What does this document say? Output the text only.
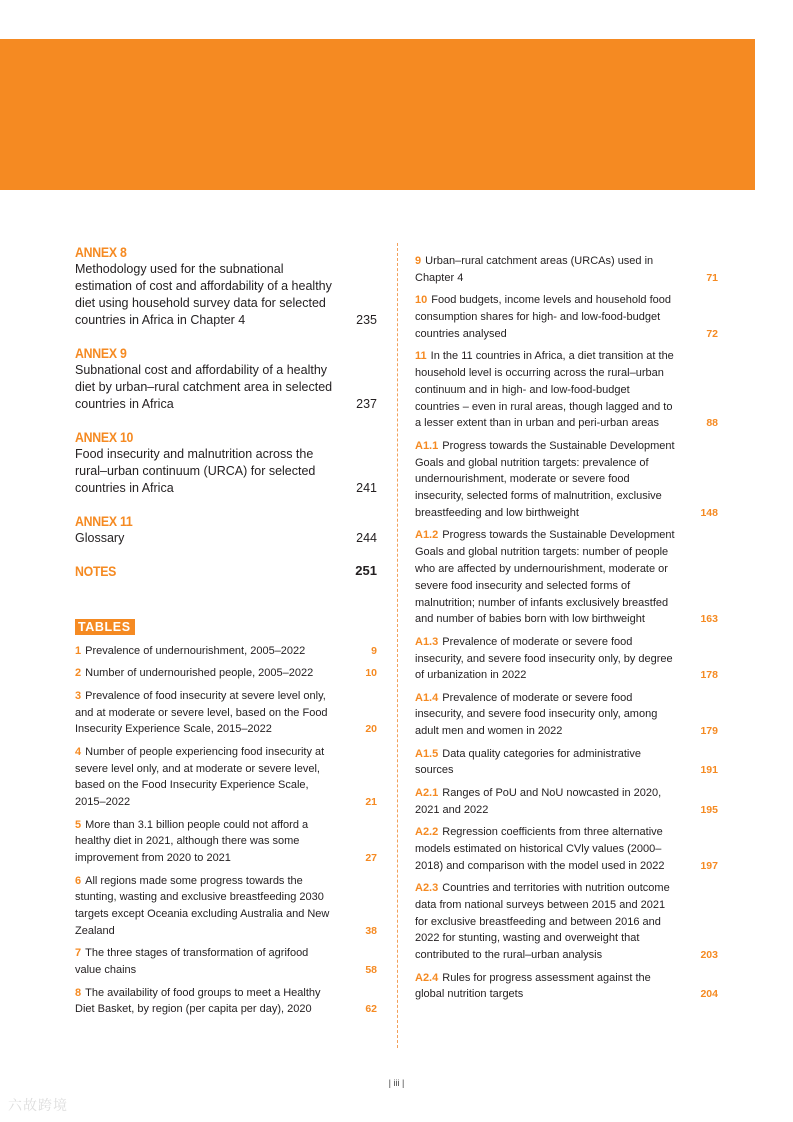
ANNEX 8
Methodology used for the subnational estimation of cost and affordability of a healthy diet using household survey data for selected countries in Africa in Chapter 4	235
ANNEX 9
Subnational cost and affordability of a healthy diet by urban–rural catchment area in selected countries in Africa	237
ANNEX 10
Food insecurity and malnutrition across the rural–urban continuum (URCA) for selected countries in Africa	241
ANNEX 11
Glossary	244
NOTES	251
TABLES
1 Prevalence of undernourishment, 2005–2022	9
2 Number of undernourished people, 2005–2022	10
3 Prevalence of food insecurity at severe level only, and at moderate or severe level, based on the Food Insecurity Experience Scale, 2015–2022	20
4 Number of people experiencing food insecurity at severe level only, and at moderate or severe level, based on the Food Insecurity Experience Scale, 2015–2022	21
5 More than 3.1 billion people could not afford a healthy diet in 2021, although there was some improvement from 2020 to 2021	27
6 All regions made some progress towards the stunting, wasting and exclusive breastfeeding 2030 targets except Oceania excluding Australia and New Zealand	38
7 The three stages of transformation of agrifood value chains	58
8 The availability of food groups to meet a Healthy Diet Basket, by region (per capita per day), 2020	62
9 Urban–rural catchment areas (URCAs) used in Chapter 4	71
10 Food budgets, income levels and household food consumption shares for high- and low-food-budget countries analysed	72
11 In the 11 countries in Africa, a diet transition at the household level is occurring across the rural–urban continuum and in high- and low-food-budget countries – even in rural areas, though lagged and to a lesser extent than in urban and peri-urban areas	88
A1.1 Progress towards the Sustainable Development Goals and global nutrition targets: prevalence of undernourishment, moderate or severe food insecurity, selected forms of malnutrition, exclusive breastfeeding and low birthweight	148
A1.2 Progress towards the Sustainable Development Goals and global nutrition targets: number of people who are affected by undernourishment, moderate or severe food insecurity and selected forms of malnutrition; number of infants exclusively breastfed and number of babies born with low birthweight	163
A1.3 Prevalence of moderate or severe food insecurity, and severe food insecurity only, by degree of urbanization in 2022	178
A1.4 Prevalence of moderate or severe food insecurity, and severe food insecurity only, among adult men and women in 2022	179
A1.5 Data quality categories for administrative sources	191
A2.1 Ranges of PoU and NoU nowcasted in 2020, 2021 and 2022	195
A2.2 Regression coefficients from three alternative models estimated on historical CVly values (2000–2018) and comparison with the model used in 2022	197
A2.3 Countries and territories with nutrition outcome data from national surveys between 2015 and 2021 for exclusive breastfeeding and between 2016 and 2022 for stunting, wasting and overweight that contributed to the rural–urban analysis	203
A2.4 Rules for progress assessment against the global nutrition targets	204
| iii |
六故跨境
